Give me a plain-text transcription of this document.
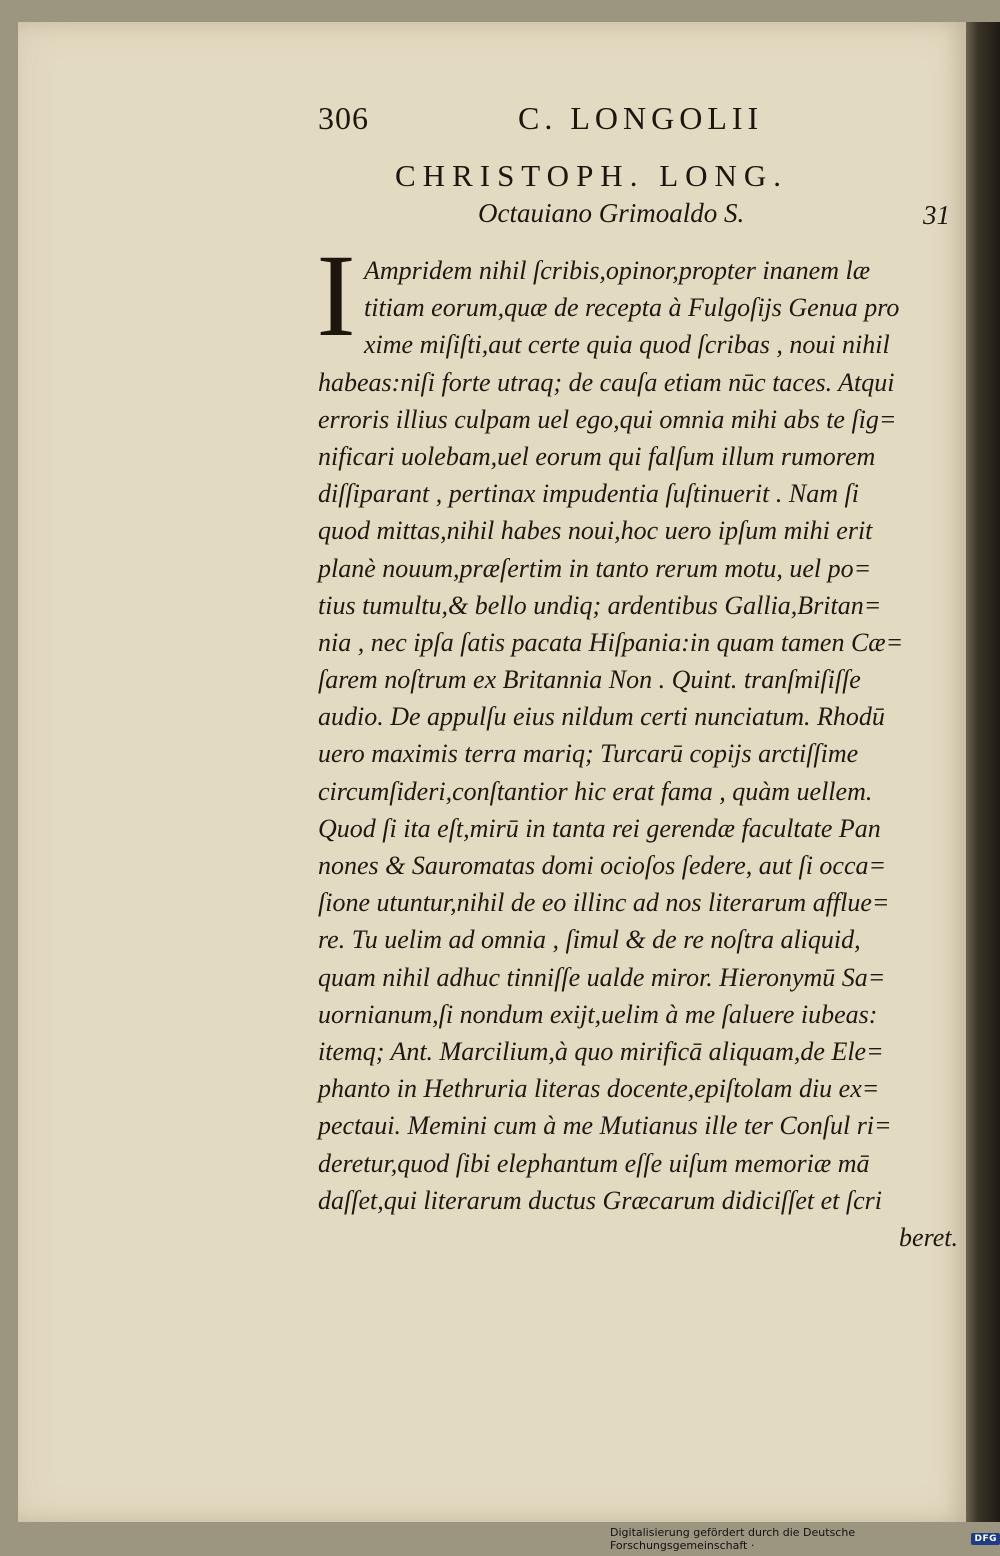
306	C. LONGOLII
CHRISTOPH. LONG.
Octauiano Grimoaldo S.	31
I Ampridem nihil ſcribis,opinor,propter inanem læ
titiam eorum,quæ de recepta à Fulgoſijs Genua pro
xime miſiſti,aut certe quia quod ſcribas , noui nihil
habeas:niſi forte utraq; de cauſa etiam nūc taces. Atqui
erroris illius culpam uel ego,qui omnia mihi abs te ſig=
nificari uolebam,uel eorum qui falſum illum rumorem
diſſiparant , pertinax impudentia ſuſtinuerit . Nam ſi
quod mittas,nihil habes noui,hoc uero ipſum mihi erit
planè nouum,præſertim in tanto rerum motu, uel po=
tius tumultu,& bello undiq; ardentibus Gallia,Britan=
nia , nec ipſa ſatis pacata Hiſpania:in quam tamen Cæ=
ſarem noſtrum ex Britannia Non . Quint. tranſmiſiſſe
audio. De appulſu eius nildum certi nunciatum. Rhodū
uero maximis terra mariq; Turcarū copijs arctiſſime
circumſideri,conſtantior hic erat fama , quàm uellem.
Quod ſi ita eſt,mirū in tanta rei gerendæ facultate Pan
nones & Sauromatas domi ocioſos ſedere, aut ſi occa=
ſione utuntur,nihil de eo illinc ad nos literarum afflue=
re. Tu uelim ad omnia , ſimul & de re noſtra aliquid,
quam nihil adhuc tinniſſe ualde miror. Hieronymū Sa=
uornianum,ſi nondum exijt,uelim à me ſaluere iubeas:
itemq; Ant. Marcilium,à quo mirificā aliquam,de Ele=
phanto in Hethruria literas docente,epiſtolam diu ex=
pectaui. Memini cum à me Mutianus ille ter Conſul ri=
deretur,quod ſibi elephantum eſſe uiſum memoriæ mā
daſſet,qui literarum ductus Græcarum didiciſſet et ſcri
beret.
Digitalisierung gefördert durch die Deutsche Forschungsgemeinschaft ·	DFG
